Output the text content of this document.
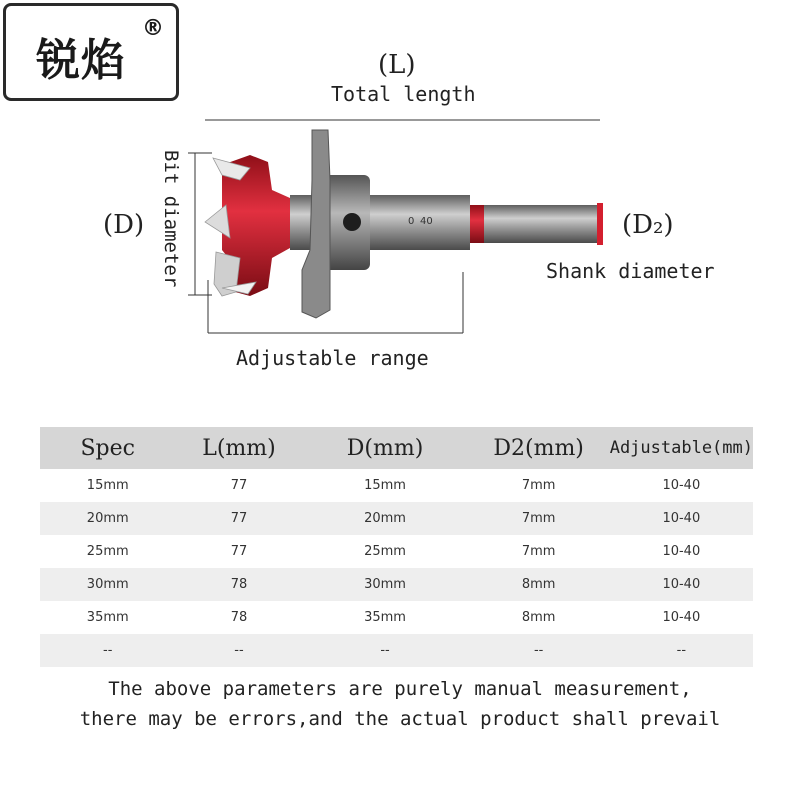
锐焰
®
0 40
(L)
Total length
(D) Bit diameter	(D₂)
Shank diameter
Adjustable range
Spec	L(mm)	D(mm)	D2(mm)	Adjustable(mm)
15mm	77	15mm	7mm	10-40
20mm	77	20mm	7mm	10-40
25mm	77	25mm	7mm	10-40
30mm	78	30mm	8mm	10-40
35mm	78	35mm	8mm	10-40
--	--	--	--	--
The above parameters are purely manual measurement,
there may be errors,and the actual product shall prevail
